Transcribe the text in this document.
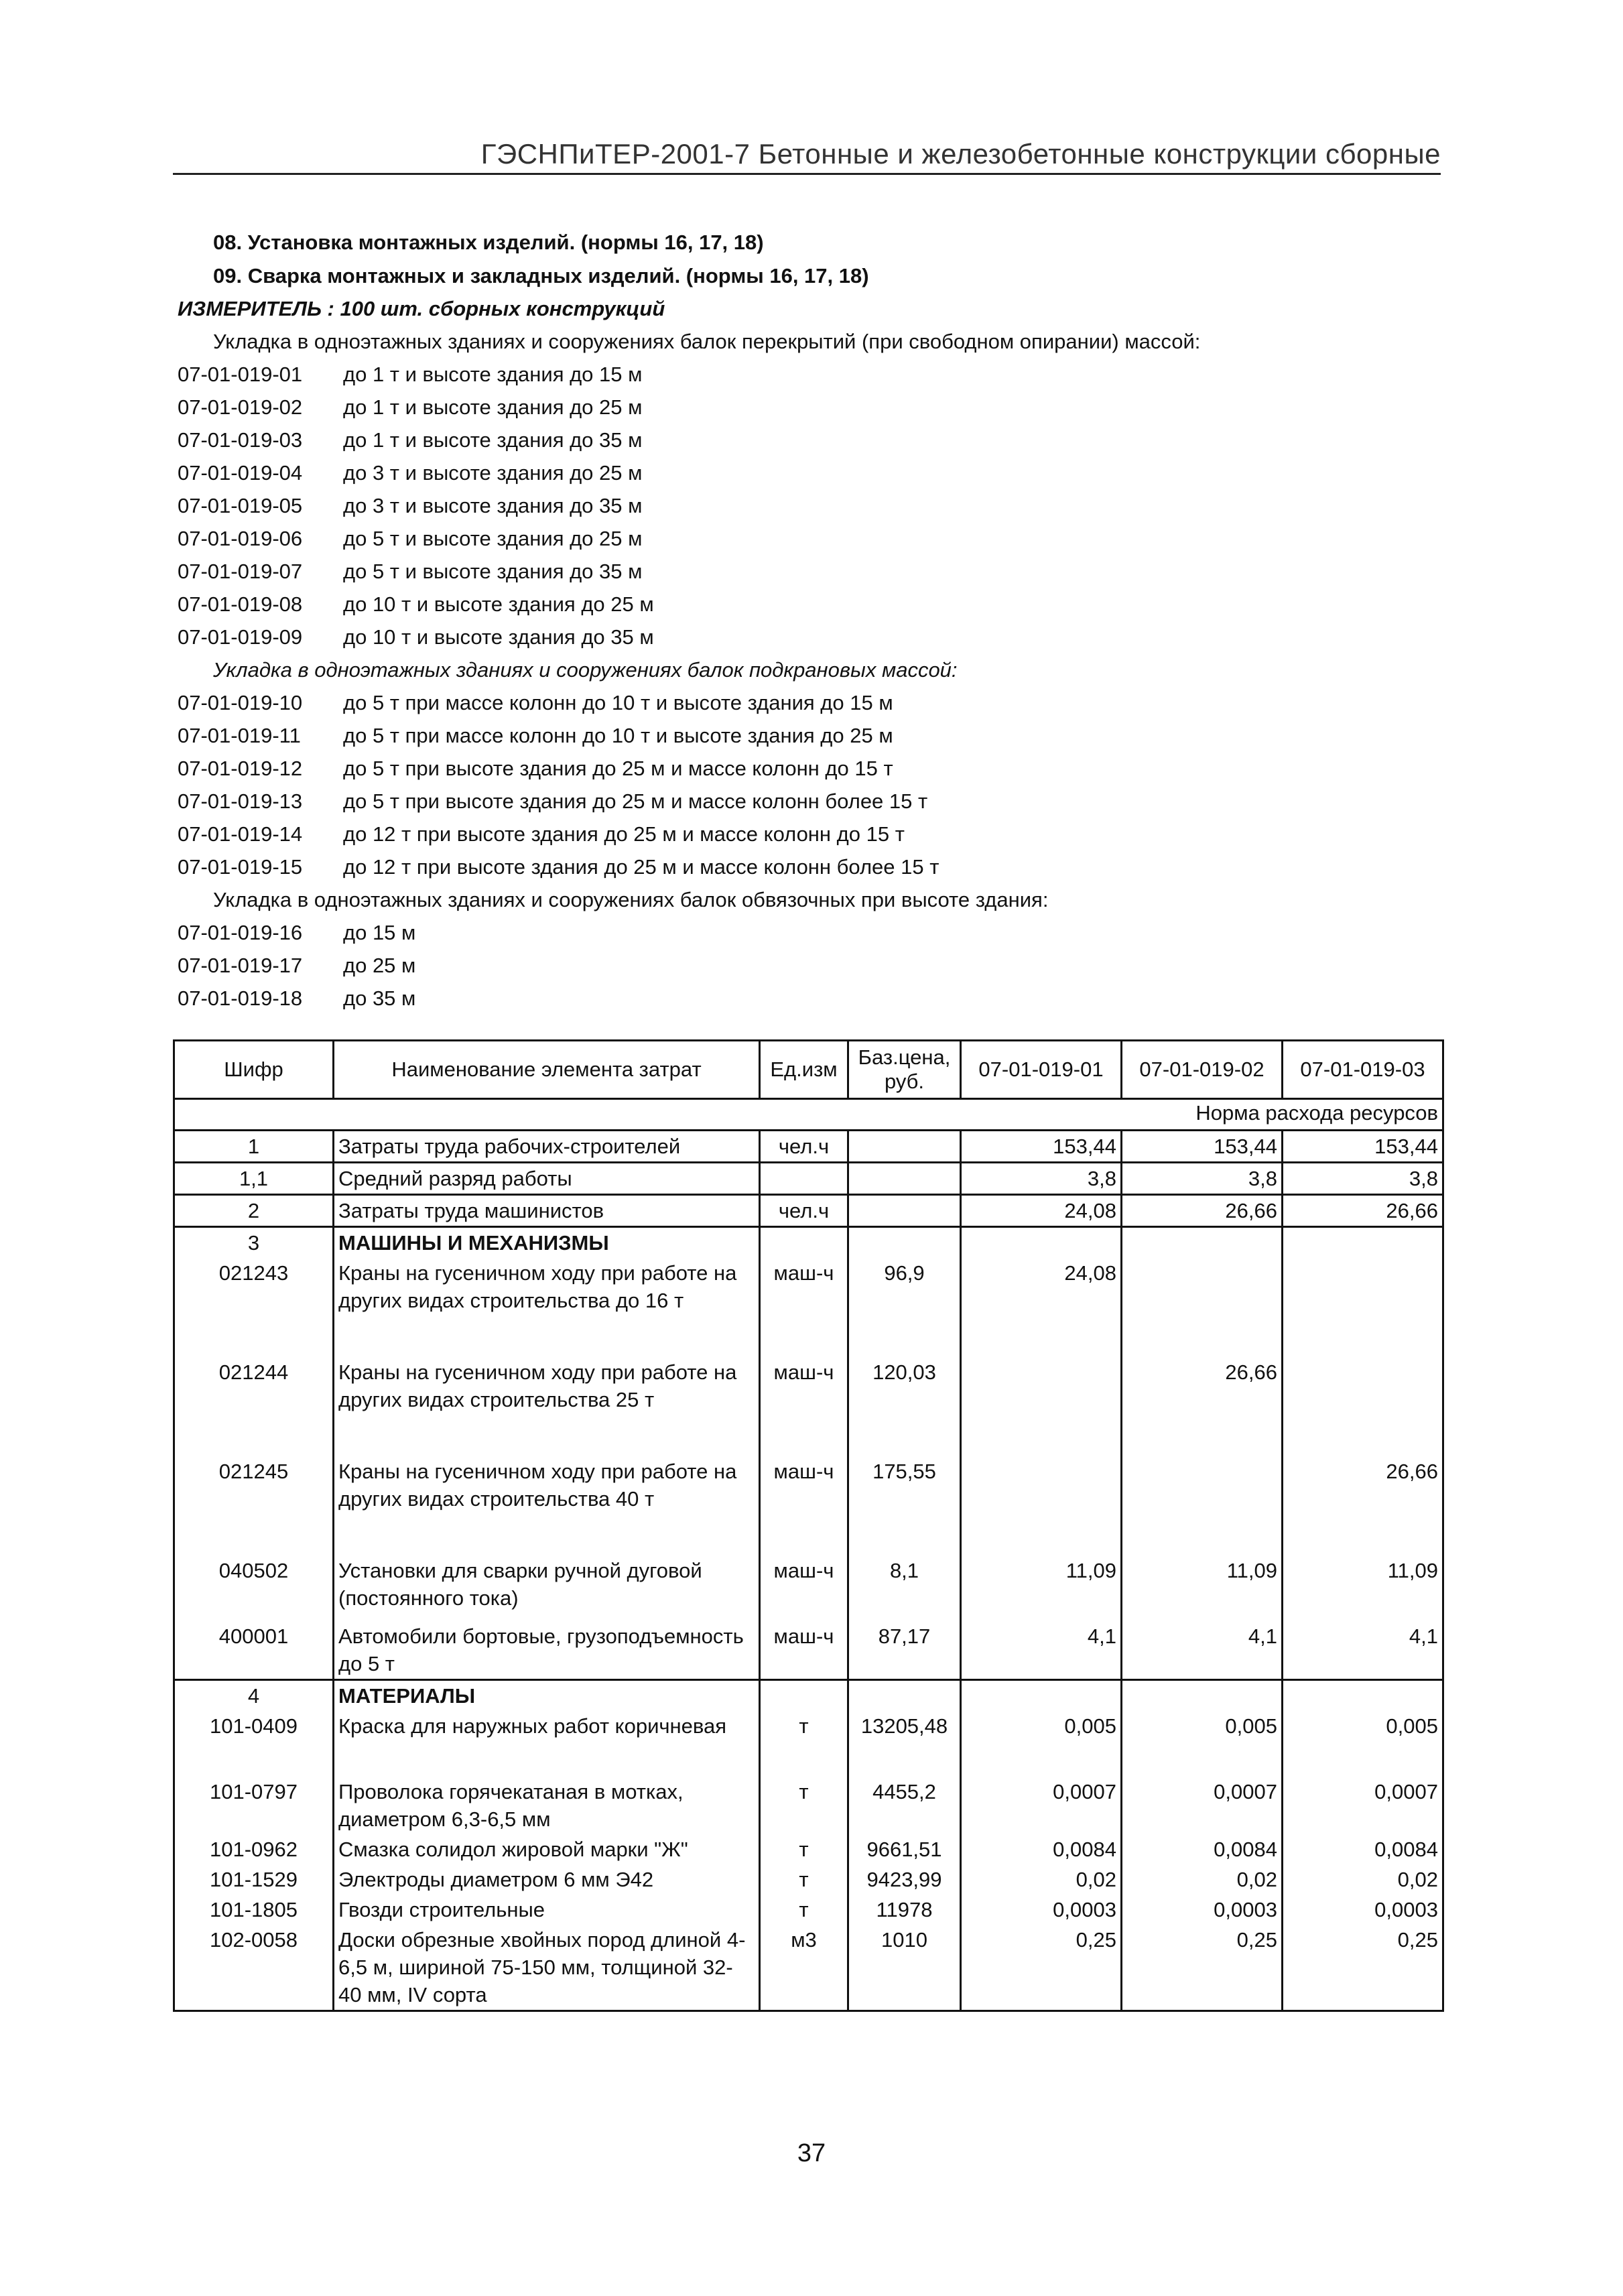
ГЭСНПиТЕР-2001-7 Бетонные и железобетонные конструкции сборные
08. Установка монтажных изделий. (нормы 16, 17, 18)
09. Сварка монтажных и закладных изделий. (нормы 16, 17, 18)
ИЗМЕРИТЕЛЬ : 100 шт. сборных конструкций
Укладка в одноэтажных зданиях и сооружениях балок перекрытий (при свободном опирании) массой:
07-01-019-01 до 1 т и высоте здания до 15 м
07-01-019-02 до 1 т и высоте здания до 25 м
07-01-019-03 до 1 т и высоте здания до 35 м
07-01-019-04 до 3 т и высоте здания до 25 м
07-01-019-05 до 3 т и высоте здания до 35 м
07-01-019-06 до 5 т и высоте здания до 25 м
07-01-019-07 до 5 т и высоте здания до 35 м
07-01-019-08 до 10 т и высоте здания до 25 м
07-01-019-09 до 10 т и высоте здания до 35 м
Укладка в одноэтажных зданиях и сооружениях балок подкрановых массой:
07-01-019-10 до 5 т при массе колонн до 10 т и высоте здания до 15 м
07-01-019-11 до 5 т при массе колонн до 10 т и высоте здания до 25 м
07-01-019-12 до 5 т при высоте здания до 25 м и массе колонн до 15 т
07-01-019-13 до 5 т при высоте здания до 25 м и массе колонн более 15 т
07-01-019-14 до 12 т при высоте здания до 25 м и массе колонн до 15 т
07-01-019-15 до 12 т при высоте здания до 25 м и массе колонн более 15 т
Укладка в одноэтажных зданиях и сооружениях балок обвязочных при высоте здания:
07-01-019-16 до 15 м
07-01-019-17 до 25 м
07-01-019-18 до 35 м
Шифр	Наименование элемента затрат	Ед.изм	Баз.цена, руб.	07-01-019-01	07-01-019-02	07-01-019-03
Норма расхода ресурсов						
1	Затраты труда рабочих-строителей	чел.ч		153,44	153,44	153,44
1,1	Средний разряд работы			3,8	3,8	3,8
2	Затраты труда машинистов	чел.ч		24,08	26,66	26,66
3	МАШИНЫ И МЕХАНИЗМЫ					
021243	Краны на гусеничном ходу при работе на других видах строительства до 16 т	маш-ч	96,9	24,08		
021244	Краны на гусеничном ходу при работе на других видах строительства 25 т	маш-ч	120,03		26,66	
021245	Краны на гусеничном ходу при работе на других видах строительства 40 т	маш-ч	175,55			26,66
040502	Установки для сварки ручной дуговой (постоянного тока)	маш-ч	8,1	11,09	11,09	11,09
400001	Автомобили бортовые, грузоподъемность до 5 т	маш-ч	87,17	4,1	4,1	4,1
4	МАТЕРИАЛЫ					
101-0409	Краска для наружных работ коричневая	т	13205,48	0,005	0,005	0,005
101-0797	Проволока горячекатаная в мотках, диаметром 6,3-6,5 мм	т	4455,2	0,0007	0,0007	0,0007
101-0962	Смазка солидол жировой марки "Ж"	т	9661,51	0,0084	0,0084	0,0084
101-1529	Электроды диаметром 6 мм Э42	т	9423,99	0,02	0,02	0,02
101-1805	Гвозди строительные	т	11978	0,0003	0,0003	0,0003
102-0058	Доски обрезные хвойных пород длиной 4-6,5 м, шириной 75-150 мм, толщиной 32-40 мм, IV сорта	м3	1010	0,25	0,25	0,25
37
